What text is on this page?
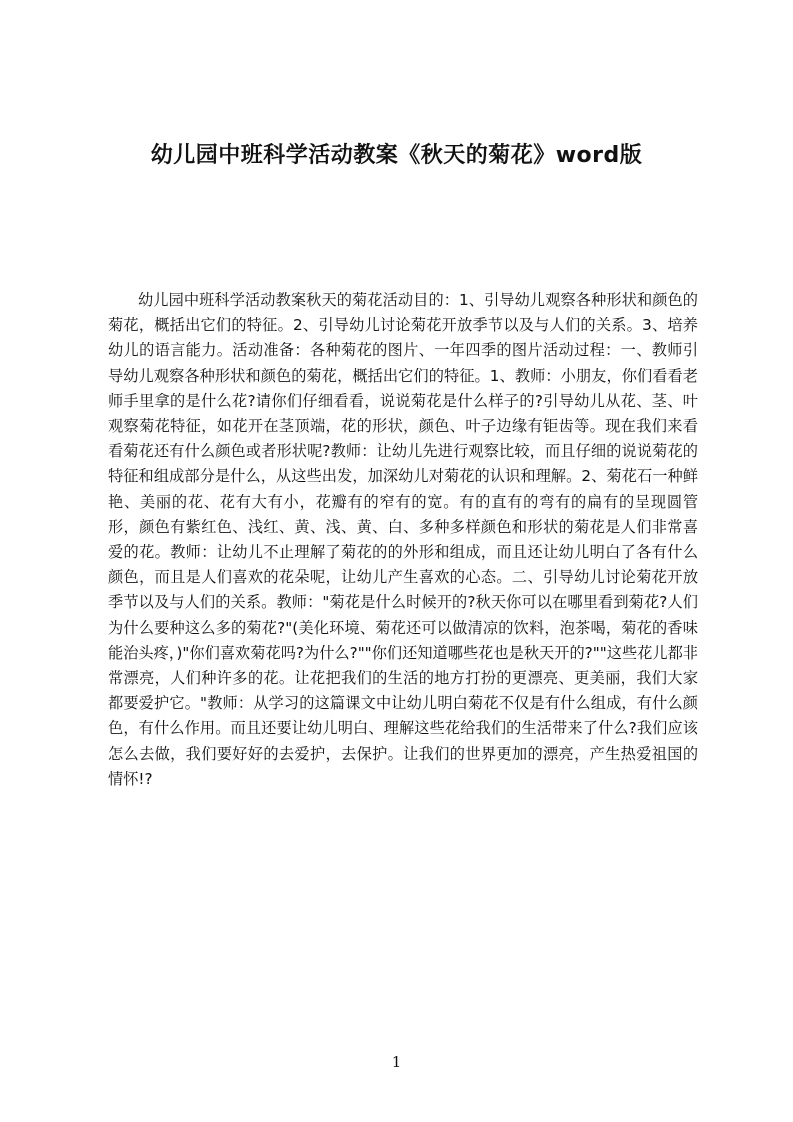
幼儿园中班科学活动教案《秋天的菊花》word版

幼儿园中班科学活动教案秋天的菊花活动目的：1、引导幼儿观察各种形状和颜色的菊花，概括出它们的特征。2、引导幼儿讨论菊花开放季节以及与人们的关系。3、培养幼儿的语言能力。活动准备：各种菊花的图片、一年四季的图片活动过程：一、教师引导幼儿观察各种形状和颜色的菊花，概括出它们的特征。1、教师：小朋友，你们看看老师手里拿的是什么花?请你们仔细看看，说说菊花是什么样子的?引导幼儿从花、茎、叶观察菊花特征，如花开在茎顶端，花的形状，颜色、叶子边缘有钜齿等。现在我们来看看菊花还有什么颜色或者形状呢?教师：让幼儿先进行观察比较，而且仔细的说说菊花的特征和组成部分是什么，从这些出发，加深幼儿对菊花的认识和理解。2、菊花石一种鲜艳、美丽的花、花有大有小，花瓣有的窄有的宽。有的直有的弯有的扁有的呈现圆管形，颜色有紫红色、浅红、黄、浅、黄、白、多种多样颜色和形状的菊花是人们非常喜爱的花。教师：让幼儿不止理解了菊花的的外形和组成，而且还让幼儿明白了各有什么颜色，而且是人们喜欢的花朵呢，让幼儿产生喜欢的心态。二、引导幼儿讨论菊花开放季节以及与人们的关系。教师："菊花是什么时候开的?秋天你可以在哪里看到菊花?人们为什么要种这么多的菊花?"(美化环境、菊花还可以做清凉的饮料，泡茶喝，菊花的香味能治头疼，)"你们喜欢菊花吗?为什么?""你们还知道哪些花也是秋天开的?""这些花儿都非常漂亮，人们种许多的花。让花把我们的生活的地方打扮的更漂亮、更美丽，我们大家都要爱护它。"教师：从学习的这篇课文中让幼儿明白菊花不仅是有什么组成，有什么颜色，有什么作用。而且还要让幼儿明白、理解这些花给我们的生活带来了什么?我们应该怎么去做，我们要好好的去爱护，去保护。让我们的世界更加的漂亮，产生热爱祖国的情怀!?

1
